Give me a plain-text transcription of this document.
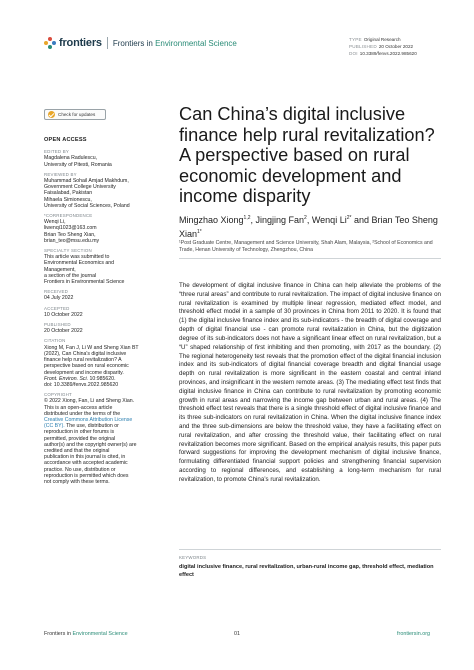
frontiers Frontiers in Environmental Science	TYPE Original Research
PUBLISHED 20 October 2022
DOI 10.3389/fenvs.2022.985620
Check for updates
OPEN ACCESS
EDITED BY
Magdalena Radulescu,
University of Pitesti, Romania
REVIEWED BY
Muhammad Sohail Amjad Makhdum,
Government College University
Faisalabad, Pakistan
Mihaela Simionescu,
University of Social Sciences, Poland
*CORRESPONDENCE
Wenqi Li,
liwenqi1023@163.com
Brian Teo Sheng Xian,
brian_teo@msu.edu.my
SPECIALTY SECTION
This article was submitted to
Environmental Economics and
Management,
a section of the journal
Frontiers in Environmental Science
RECEIVED
04 July 2022
ACCEPTED
10 October 2022
PUBLISHED
20 October 2022
CITATION
Xiong M, Fan J, Li W and Sheng Xian BT
(2022), Can China's digital inclusive
finance help rural revitalization? A
perspective based on rural economic
development and income disparity.
Front. Environ. Sci. 10:985620.
doi: 10.3389/fenvs.2022.985620
COPYRIGHT
© 2022 Xiong, Fan, Li and Sheng Xian.
This is an open-access article
distributed under the terms of the
Creative Commons Attribution License
(CC BY). The use, distribution or
reproduction in other forums is
permitted, provided the original
author(s) and the copyright owner(s) are
credited and that the original
publication in this journal is cited, in
accordance with accepted academic
practice. No use, distribution or
reproduction is permitted which does
not comply with these terms.
Can China’s digital inclusive finance help rural revitalization? A perspective based on rural economic development and income disparity
Mingzhao Xiong$^{1,2}$, Jingjing Fan$^2$, Wenqi $Li^{2*}$ and Brian Teo Sheng Xian$^{1*}$
¹Post Graduate Centre, Management and Science University, Shah Alam, Malaysia, ²School of Economics and Trade, Henan University of Technology, Zhengzhou, China

The development of digital inclusive finance in China can help alleviate the problems of the “three rural areas” and contribute to rural revitalization. The impact of digital inclusive finance on rural revitalization is examined by multiple linear regression, mediated effect model, and threshold effect model in a sample of 30 provinces in China from 2011 to 2020. It is found that (1) the digital inclusive finance index and its sub-indicators - the breadth of digital coverage and depth of digital financial use - can promote rural revitalization in China, but the digitization degree of its sub-indicators does not have a significant linear effect on rural revitalization, but a “U” shaped relationship of first inhibiting and then promoting, with 2017 as the boundary. (2) The regional heterogeneity test reveals that the promotion effect of the digital financial inclusion index and its sub-indicators of digital financial coverage breadth and digital financial usage depth on rural revitalization is more significant in the eastern coastal and central inland provinces, and insignificant in the western remote areas. (3) The mediating effect test finds that digital inclusive finance in China can contribute to rural revitalization by promoting economic growth in rural areas and narrowing the income gap between urban and rural areas. (4) The threshold effect test reveals that there is a single threshold effect of digital inclusive finance and its three sub-indicators on rural revitalization in China. When the digital inclusive finance index and the three sub-dimensions are below the threshold value, they have a facilitating effect on rural revitalization, and after crossing the threshold value, their facilitating effect on rural revitalization becomes more significant. Based on the empirical analysis results, this paper puts forward suggestions for improving the development mechanism of digital inclusive finance, formulating differentiated financial support policies and strengthening financial supervision according to regional differences, and establishing a long-term mechanism for rural revitalization, to promote China’s rural revitalization.

KEYWORDS
digital inclusive finance, rural revitalization, urban-rural income gap, threshold effect, mediation effect
Frontiers in Environmental Science	01	frontiersin.org
